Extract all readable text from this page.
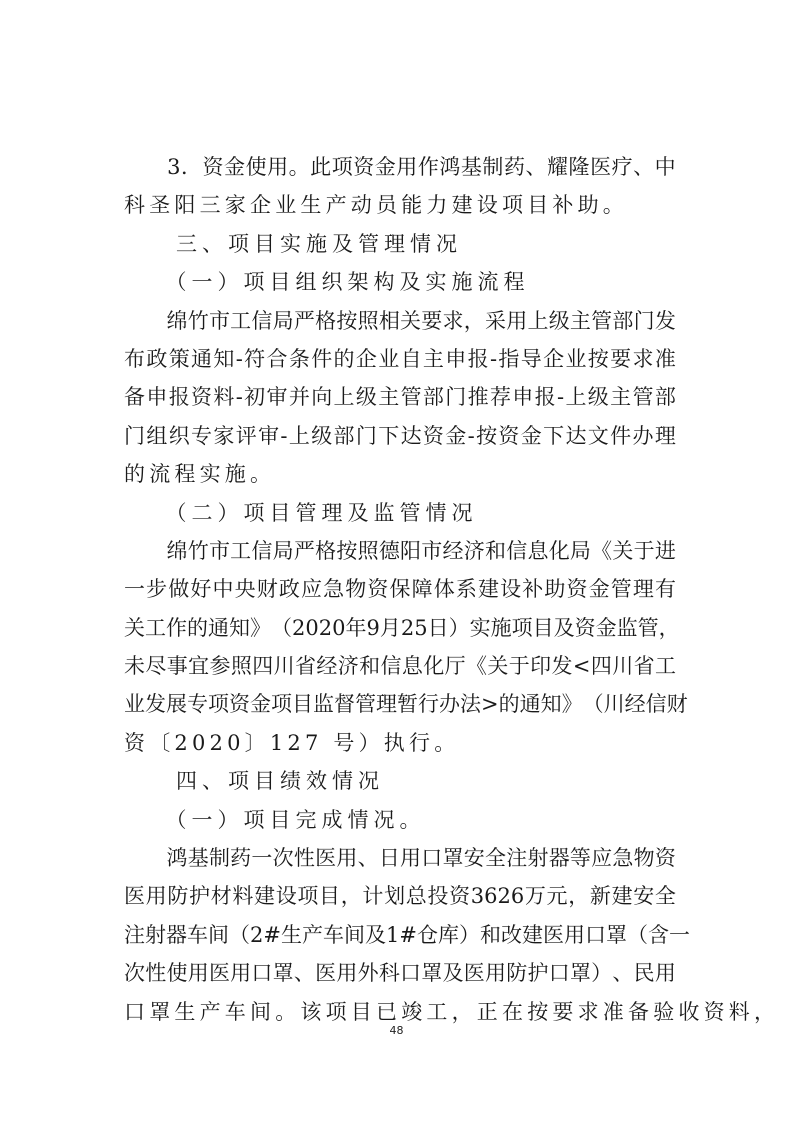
3 ． 资 金 使 用 。 此 项 资 金 用 作 鸿 基 制 药 、 耀 隆 医 疗 、 中
科圣阳三家企业生产动员能力建设项目补助。
　　三、项目实施及管理情况
　　（一）项目组织架构及实施流程

绵 竹 市 工 信 局 严 格 按 照 相 关 要 求 ， 采 用 上 级 主 管 部 门 发
布 政 策 通 知 - 符 合 条 件 的 企 业 自 主 申 报 - 指 导 企 业 按 要 求 准
备 申 报 资 料 - 初 审 并 向 上 级 主 管 部 门 推 荐 申 报 - 上 级 主 管 部
门 组 织 专 家 评 审 - 上 级 部 门 下 达 资 金 - 按 资 金 下 达 文 件 办 理
的流程实施。
　　（二）项目管理及监管情况

绵 竹 市 工 信 局 严 格 按 照 德 阳 市 经 济 和 信 息 化 局 《 关 于 进
一 步 做 好 中 央 财 政 应 急 物 资 保 障 体 系 建 设 补 助 资 金 管 理 有
关 工 作 的 通 知 》 （ 2020 年 9 月 25 日 ） 实 施 项 目 及 资 金 监 管 ，
未 尽 事 宜 参 照 四 川 省 经 济 和 信 息 化 厅 《 关 于 印 发 < 四 川 省 工
业 发 展 专 项 资 金 项 目 监 督 管 理 暂 行 办 法 > 的 通 知 》 （ 川 经 信 财
资〔2020〕127 号）执行。
　　四、项目绩效情况
　　（一）项目完成情况。

鸿 基 制 药 一 次 性 医 用 、 日 用 口 罩 安 全 注 射 器 等 应 急 物 资
医 用 防 护 材 料 建 设 项 目 ， 计 划 总 投 资 3626 万 元 ， 新 建 安 全
注 射 器 车 间 （ 2# 生 产 车 间 及 1# 仓 库 ） 和 改 建 医 用 口 罩 （ 含 一
次 性 使 用 医 用 口 罩 、 医 用 外 科 口 罩 及 医 用 防 护 口 罩 ） 、 民 用
口罩生产车间。该项目已竣工，正在按要求准备验收资料，
48
